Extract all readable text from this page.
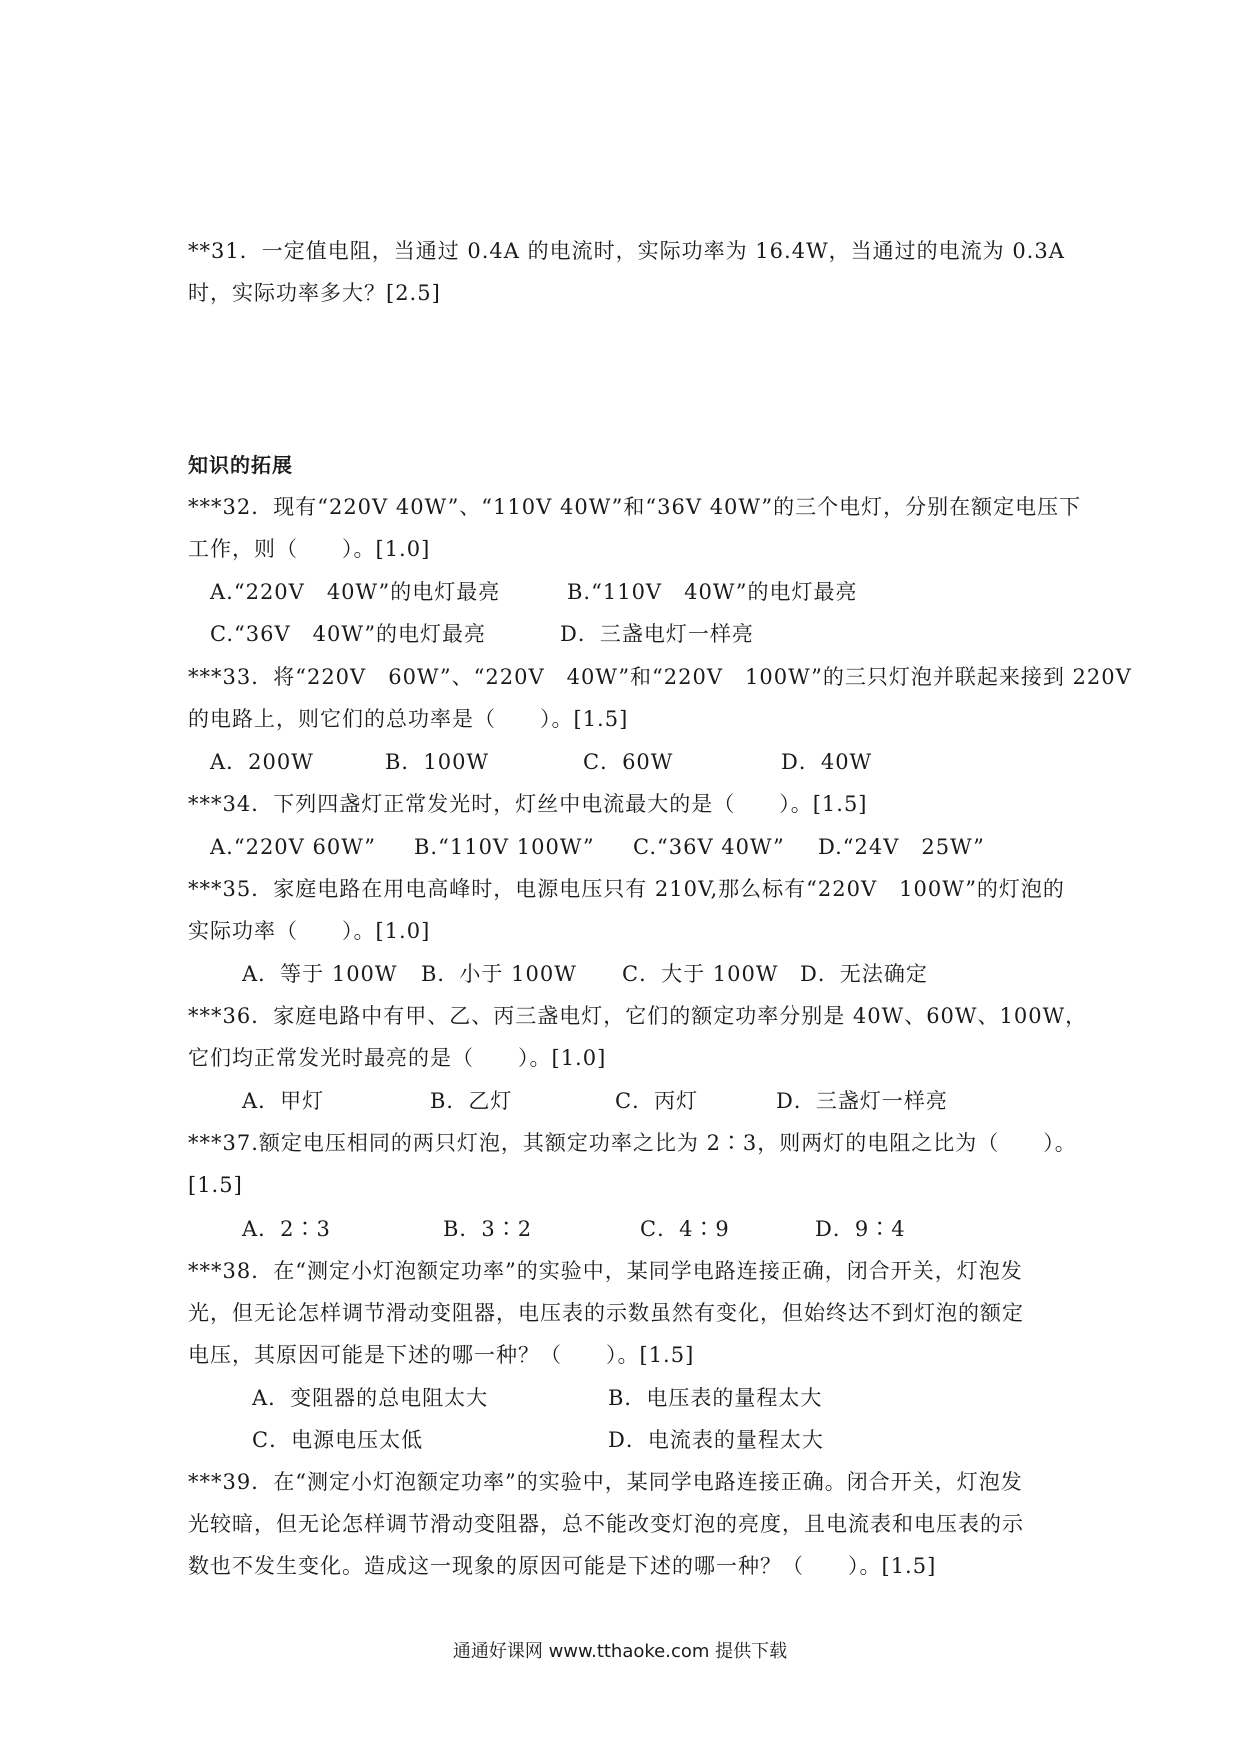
**31．一定值电阻，当通过 0.4A 的电流时，实际功率为 16.4W，当通过的电流为 0.3A
时，实际功率多大？[2.5]
知识的拓展
***32．现有“220V 40W”、“110V 40W”和“36V 40W”的三个电灯，分别在额定电压下
工作，则（　　）。[1.0]
A.“220V　40W”的电灯最亮	B.“110V　40W”的电灯最亮
C.“36V　40W”的电灯最亮	D．三盏电灯一样亮
***33．将“220V　60W”、“220V　40W”和“220V　100W”的三只灯泡并联起来接到 220V
的电路上，则它们的总功率是（　　）。[1.5]
A．200W	B．100W	C．60W	D．40W
***34．下列四盏灯正常发光时，灯丝中电流最大的是（　　）。[1.5]
A.“220V 60W” B.“110V 100W” C.“36V 40W” D.“24V　25W”
***35．家庭电路在用电高峰时，电源电压只有 210V,那么标有“220V　100W”的灯泡的
实际功率（　　）。[1.0]
A．等于 100W B．小于 100W C．大于 100W D．无法确定
***36．家庭电路中有甲、乙、丙三盏电灯，它们的额定功率分别是 40W、60W、100W，
它们均正常发光时最亮的是（　　）。[1.0]
A．甲灯	B．乙灯	C．丙灯	D．三盏灯一样亮
***37.额定电压相同的两只灯泡，其额定功率之比为 2∶3，则两灯的电阻之比为（　　）。
[1.5]
A．2∶3	B．3∶2	C．4∶9	D．9∶4
***38．在“测定小灯泡额定功率”的实验中，某同学电路连接正确，闭合开关，灯泡发
光，但无论怎样调节滑动变阻器，电压表的示数虽然有变化，但始终达不到灯泡的额定
电压，其原因可能是下述的哪一种？（　　）。[1.5]
A．变阻器的总电阻太大	B．电压表的量程太大
C．电源电压太低	D．电流表的量程太大
***39．在“测定小灯泡额定功率”的实验中，某同学电路连接正确。闭合开关，灯泡发
光较暗，但无论怎样调节滑动变阻器，总不能改变灯泡的亮度，且电流表和电压表的示
数也不发生变化。造成这一现象的原因可能是下述的哪一种？（　　）。[1.5]
通通好课网 www.tthaoke.com 提供下载
